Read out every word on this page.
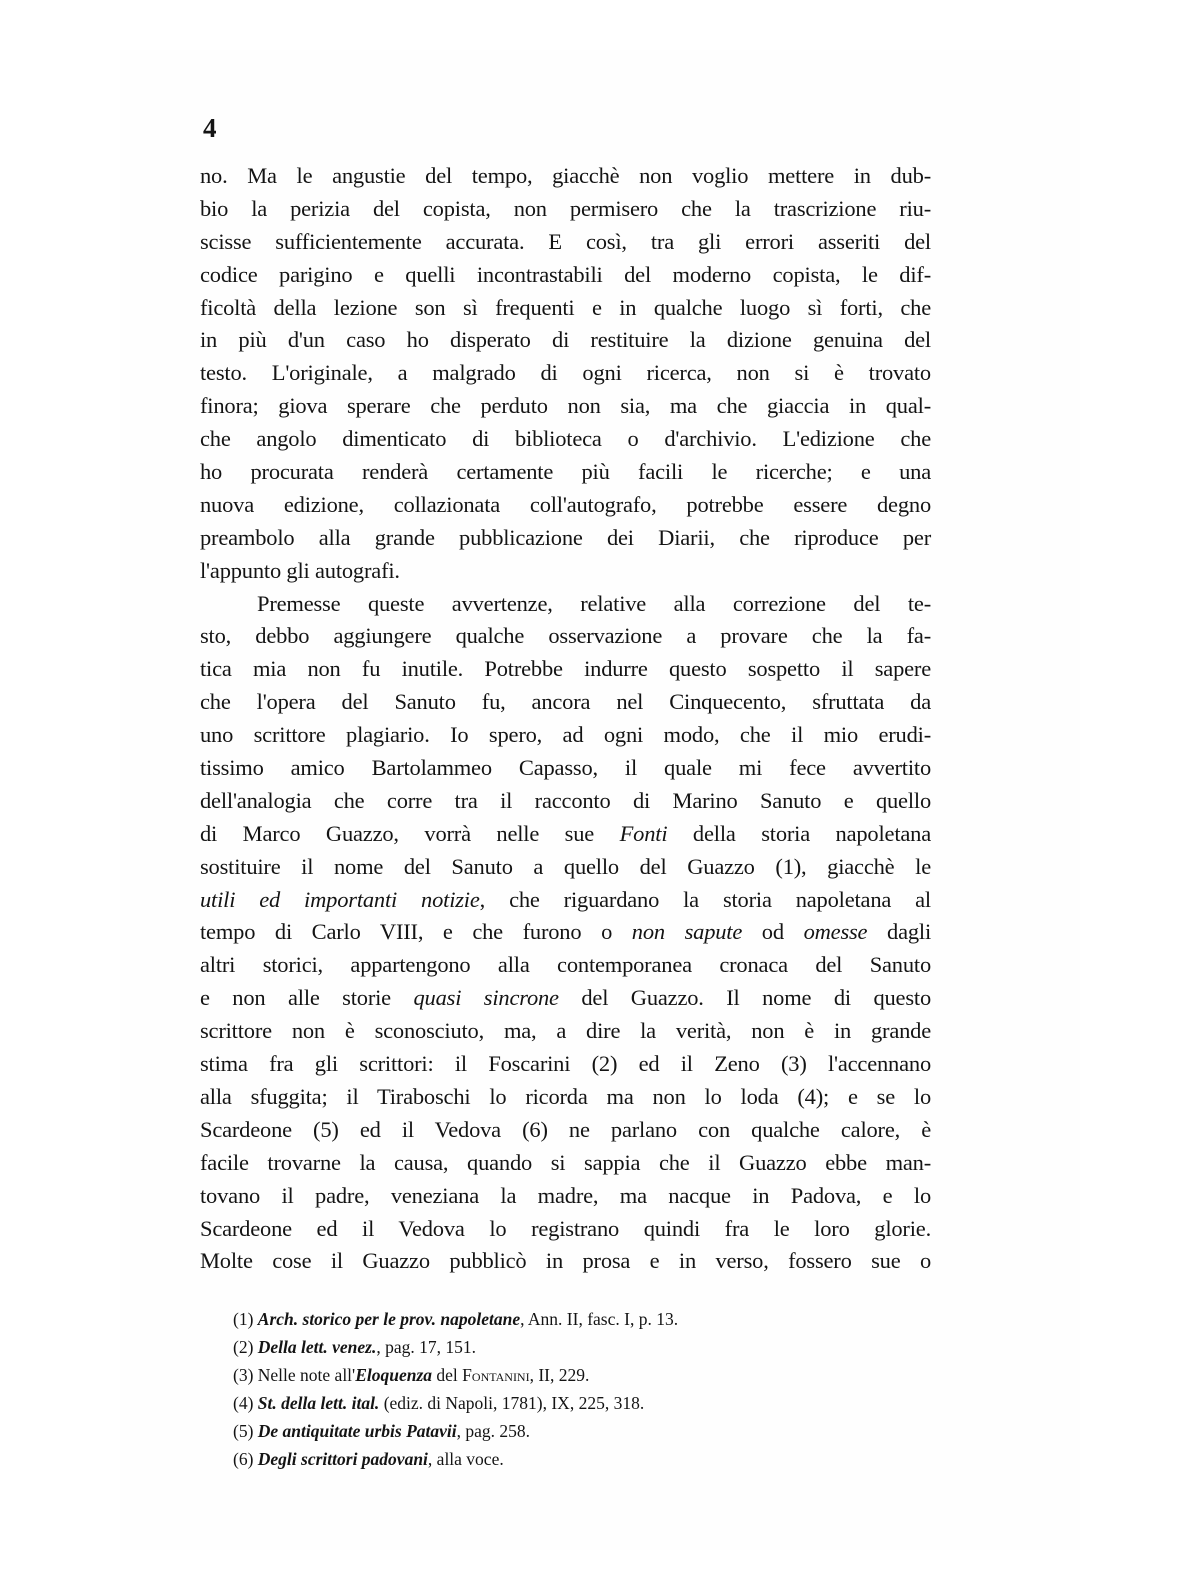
4
no. Ma le angustie del tempo, giacchè non voglio mettere in dub-
bio la perizia del copista, non permisero che la trascrizione riu-
scisse sufficientemente accurata. E così, tra gli errori asseriti del
codice parigino e quelli incontrastabili del moderno copista, le dif-
ficoltà della lezione son sì frequenti e in qualche luogo sì forti, che
in più d'un caso ho disperato di restituire la dizione genuina del
testo. L'originale, a malgrado di ogni ricerca, non si è trovato
finora; giova sperare che perduto non sia, ma che giaccia in qual-
che angolo dimenticato di biblioteca o d'archivio. L'edizione che
ho procurata renderà certamente più facili le ricerche; e una
nuova edizione, collazionata coll'autografo, potrebbe essere degno
preambolo alla grande pubblicazione dei Diarii, che riproduce per
l'appunto gli autografi.
Premesse queste avvertenze, relative alla correzione del te-
sto, debbo aggiungere qualche osservazione a provare che la fa-
tica mia non fu inutile. Potrebbe indurre questo sospetto il sapere
che l'opera del Sanuto fu, ancora nel Cinquecento, sfruttata da
uno scrittore plagiario. Io spero, ad ogni modo, che il mio erudi-
tissimo amico Bartolammeo Capasso, il quale mi fece avvertito
dell'analogia che corre tra il racconto di Marino Sanuto e quello
di Marco Guazzo, vorrà nelle sue Fonti della storia napoletana
sostituire il nome del Sanuto a quello del Guazzo (1), giacchè le
utili ed importanti notizie, che riguardano la storia napoletana al
tempo di Carlo VIII, e che furono o non sapute od omesse dagli
altri storici, appartengono alla contemporanea cronaca del Sanuto
e non alle storie quasi sincrone del Guazzo. Il nome di questo
scrittore non è sconosciuto, ma, a dire la verità, non è in grande
stima fra gli scrittori: il Foscarini (2) ed il Zeno (3) l'accennano
alla sfuggita; il Tiraboschi lo ricorda ma non lo loda (4); e se lo
Scardeone (5) ed il Vedova (6) ne parlano con qualche calore, è
facile trovarne la causa, quando si sappia che il Guazzo ebbe man-
tovano il padre, veneziana la madre, ma nacque in Padova, e lo
Scardeone ed il Vedova lo registrano quindi fra le loro glorie.
Molte cose il Guazzo pubblicò in prosa e in verso, fossero sue o
(1) Arch. storico per le prov. napoletane, Ann. II, fasc. I, p. 13.
(2) Della lett. venez., pag. 17, 151.
(3) Nelle note all'Eloquenza del Fontanini, II, 229.
(4) St. della lett. ital. (ediz. di Napoli, 1781), IX, 225, 318.
(5) De antiquitate urbis Patavii, pag. 258.
(6) Degli scrittori padovani, alla voce.
